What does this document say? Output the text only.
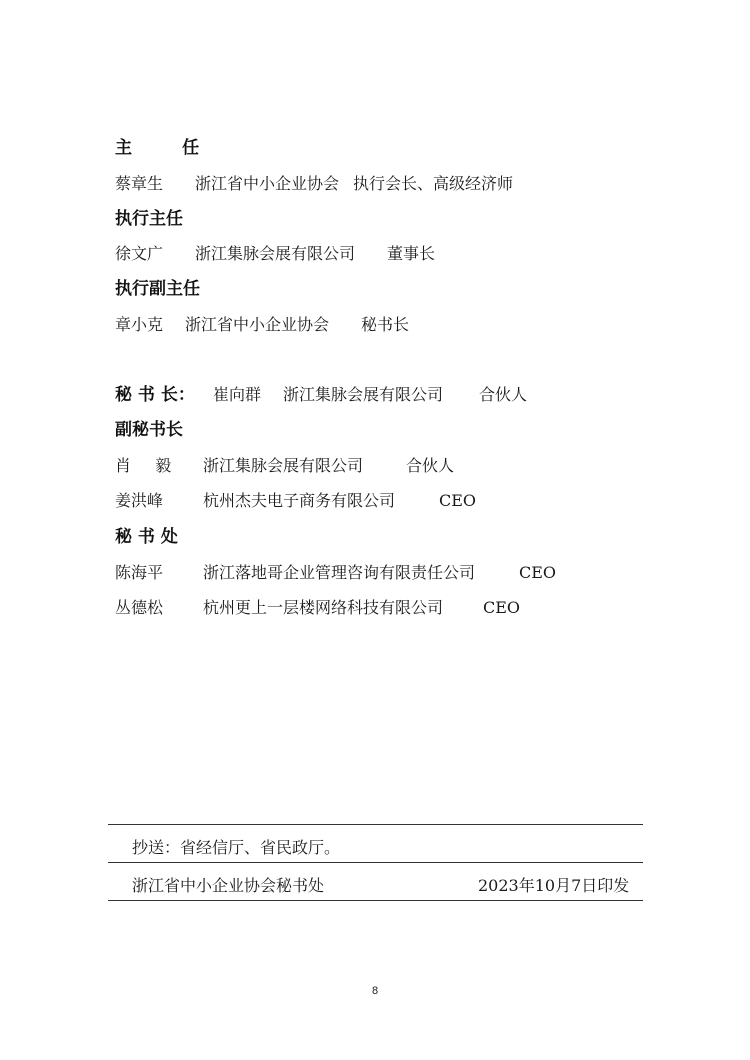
主 任
蔡章生 浙江省中小企业协会 执行会长、高级经济师
执行主任
徐文广 浙江集脉会展有限公司 董事长
执行副主任
章小克 浙江省中小企业协会 秘书长
秘 书 长： 崔向群 浙江集脉会展有限公司 合伙人
副秘书长
肖 毅 浙江集脉会展有限公司	合伙人
姜洪峰 杭州杰夫电子商务有限公司	CEO
秘 书 处
陈海平 浙江落地哥企业管理咨询有限责任公司	CEO
丛德松 杭州更上一层楼网络科技有限公司 CEO
抄送：省经信厅、省民政厅。
浙江省中小企业协会秘书处	2023年10月7日印发
8
